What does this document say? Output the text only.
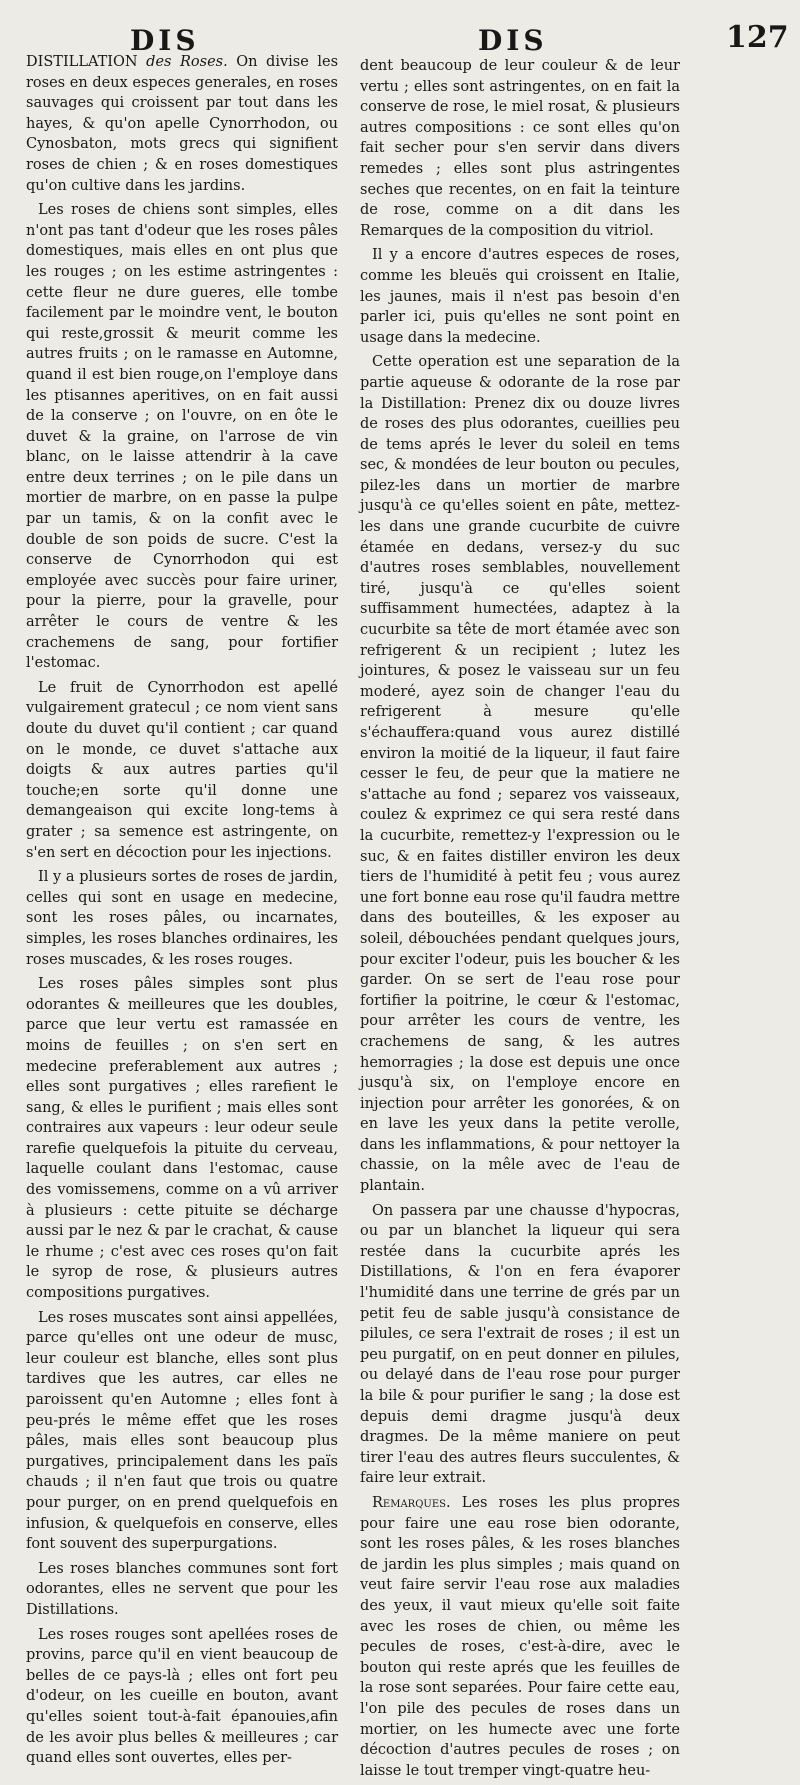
DIS	DIS	127

DISTILLATION des Roses. On divise les roses en deux especes generales, en roses sauvages qui croissent par tout dans les hayes, & qu'on apelle Cynorrhodon, ou Cynosbaton, mots grecs qui signifient roses de chien ; & en roses domestiques qu'on cultive dans les jardins.

Les roses de chiens sont simples, elles n'ont pas tant d'odeur que les roses pâles domestiques, mais elles en ont plus que les rouges ; on les estime astringentes : cette fleur ne dure gueres, elle tombe facilement par le moindre vent, le bouton qui reste,grossit & meurit comme les autres fruits ; on le ramasse en Automne, quand il est bien rouge,on l'employe dans les ptisannes aperitives, on en fait aussi de la conserve ; on l'ouvre, on en ôte le duvet & la graine, on l'arrose de vin blanc, on le laisse attendrir à la cave entre deux terrines ; on le pile dans un mortier de marbre, on en passe la pulpe par un tamis, & on la confit avec le double de son poids de sucre. C'est la conserve de Cynorrhodon qui est employée avec succès pour faire uriner, pour la pierre, pour la gravelle, pour arrêter le cours de ventre & les crachemens de sang, pour fortifier l'estomac.

Le fruit de Cynorrhodon est apellé vulgairement gratecul ; ce nom vient sans doute du duvet qu'il contient ; car quand on le monde, ce duvet s'attache aux doigts & aux autres parties qu'il touche;en sorte qu'il donne une demangeaison qui excite long-tems à grater ; sa semence est astringente, on s'en sert en décoction pour les injections.

Il y a plusieurs sortes de roses de jardin, celles qui sont en usage en medecine, sont les roses pâles, ou incarnates, simples, les roses blanches ordinaires, les roses muscades, & les roses rouges.

Les roses pâles simples sont plus odorantes & meilleures que les doubles, parce que leur vertu est ramassée en moins de feuilles ; on s'en sert en medecine preferablement aux autres ; elles sont purgatives ; elles rarefient le sang, & elles le purifient ; mais elles sont contraires aux vapeurs : leur odeur seule rarefie quelquefois la pituite du cerveau, laquelle coulant dans l'estomac, cause des vomissemens, comme on a vû arriver à plusieurs : cette pituite se décharge aussi par le nez & par le crachat, & cause le rhume ; c'est avec ces roses qu'on fait le syrop de rose, & plusieurs autres compositions purgatives.

Les roses muscates sont ainsi appellées, parce qu'elles ont une odeur de musc, leur couleur est blanche, elles sont plus tardives que les autres, car elles ne paroissent qu'en Automne ; elles font à peu-prés le même effet que les roses pâles, mais elles sont beaucoup plus purgatives, principalement dans les païs chauds ; il n'en faut que trois ou quatre pour purger, on en prend quelquefois en infusion, & quelquefois en conserve, elles font souvent des superpurgations.

Les roses blanches communes sont fort odorantes, elles ne servent que pour les Distillations.

Les roses rouges sont apellées roses de provins, parce qu'il en vient beaucoup de belles de ce pays-là ; elles ont fort peu d'odeur, on les cueille en bouton, avant qu'elles soient tout-à-fait épanouies,afin de les avoir plus belles & meilleures ; car quand elles sont ouvertes, elles per-

dent beaucoup de leur couleur & de leur vertu ; elles sont astringentes, on en fait la conserve de rose, le miel rosat, & plusieurs autres compositions : ce sont elles qu'on fait secher pour s'en servir dans divers remedes ; elles sont plus astringentes seches que recentes, on en fait la teinture de rose, comme on a dit dans les Remarques de la composition du vitriol.

Il y a encore d'autres especes de roses, comme les bleuës qui croissent en Italie, les jaunes, mais il n'est pas besoin d'en parler ici, puis qu'elles ne sont point en usage dans la medecine.

Cette operation est une separation de la partie aqueuse & odorante de la rose par la Distillation: Prenez dix ou douze livres de roses des plus odorantes, cueillies peu de tems aprés le lever du soleil en tems sec, & mondées de leur bouton ou pecules, pilez-les dans un mortier de marbre jusqu'à ce qu'elles soient en pâte, mettez-les dans une grande cucurbite de cuivre étamée en dedans, versez-y du suc d'autres roses semblables, nouvellement tiré, jusqu'à ce qu'elles soient suffisamment humectées, adaptez à la cucurbite sa tête de mort étamée avec son refrigerent & un recipient ; lutez les jointures, & posez le vaisseau sur un feu moderé, ayez soin de changer l'eau du refrigerent à mesure qu'elle s'échauffera:quand vous aurez distillé environ la moitié de la liqueur, il faut faire cesser le feu, de peur que la matiere ne s'attache au fond ; separez vos vaisseaux, coulez & exprimez ce qui sera resté dans la cucurbite, remettez-y l'expression ou le suc, & en faites distiller environ les deux tiers de l'humidité à petit feu ; vous aurez une fort bonne eau rose qu'il faudra mettre dans des bouteilles, & les exposer au soleil, débouchées pendant quelques jours, pour exciter l'odeur, puis les boucher & les garder. On se sert de l'eau rose pour fortifier la poitrine, le cœur & l'estomac, pour arrêter les cours de ventre, les crachemens de sang, & les autres hemorragies ; la dose est depuis une once jusqu'à six, on l'employe encore en injection pour arrêter les gonorées, & on en lave les yeux dans la petite verolle, dans les inflammations, & pour nettoyer la chassie, on la mêle avec de l'eau de plantain.

On passera par une chausse d'hypocras, ou par un blanchet la liqueur qui sera restée dans la cucurbite aprés les Distillations, & l'on en fera évaporer l'humidité dans une terrine de grés par un petit feu de sable jusqu'à consistance de pilules, ce sera l'extrait de roses ; il est un peu purgatif, on en peut donner en pilules, ou delayé dans de l'eau rose pour purger la bile & pour purifier le sang ; la dose est depuis demi dragme jusqu'à deux dragmes. De la même maniere on peut tirer l'eau des autres fleurs succulentes, & faire leur extrait.

Remarques. Les roses les plus propres pour faire une eau rose bien odorante, sont les roses pâles, & les roses blanches de jardin les plus simples ; mais quand on veut faire servir l'eau rose aux maladies des yeux, il vaut mieux qu'elle soit faite avec les roses de chien, ou même les pecules de roses, c'est-à-dire, avec le bouton qui reste aprés que les feuilles de la rose sont separées. Pour faire cette eau, l'on pile des pecules de roses dans un mortier, on les humecte avec une forte décoction d'autres pecules de roses ; on laisse le tout tremper vingt-quatre heu-
